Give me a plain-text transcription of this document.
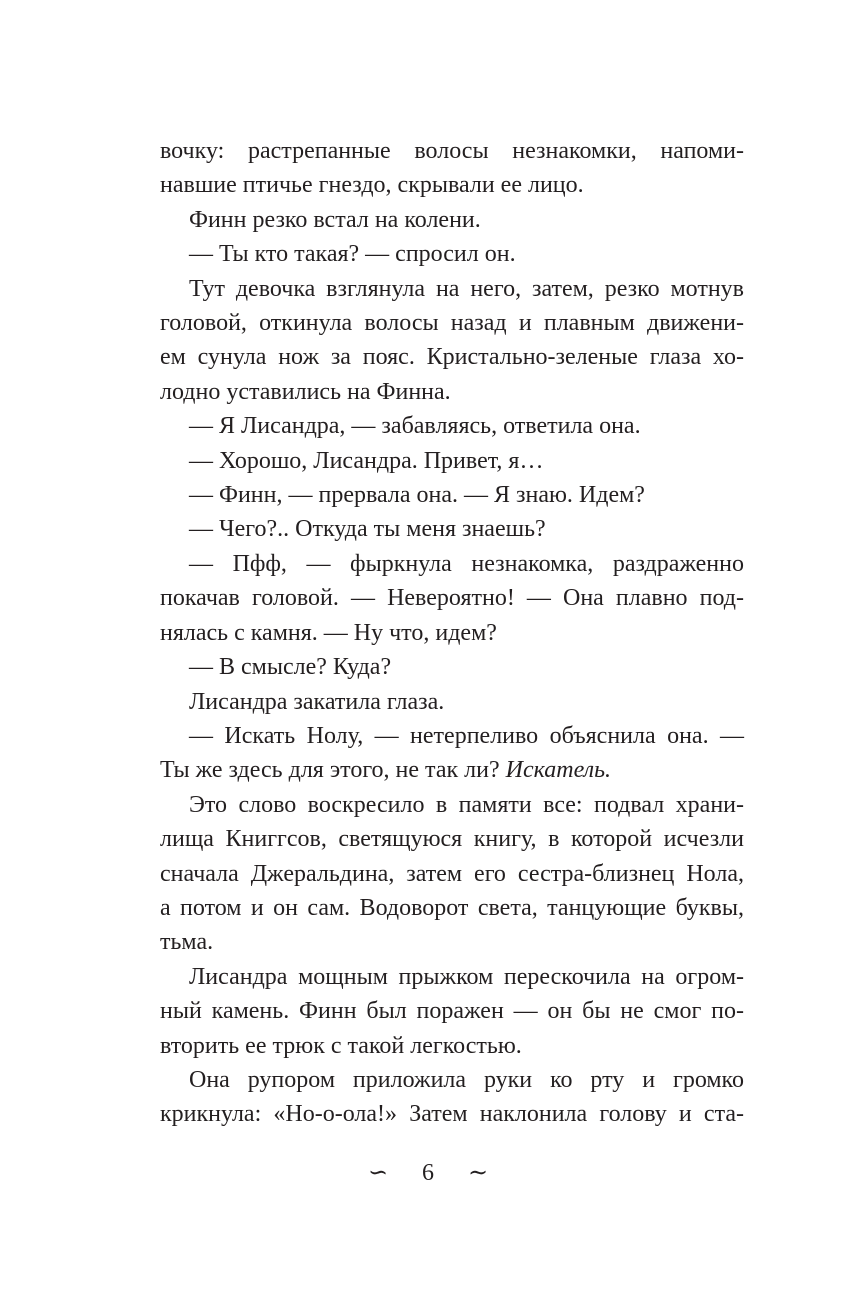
вочку: растрепанные волосы незнакомки, напоми-
навшие птичье гнездо, скрывали ее лицо.
Финн резко встал на колени.
— Ты кто такая? — спросил он.
Тут девочка взглянула на него, затем, резко мотнув
головой, откинула волосы назад и плавным движени-
ем сунула нож за пояс. Кристально-зеленые глаза хо-
лодно уставились на Финна.
— Я Лисандра, — забавляясь, ответила она.
— Хорошо, Лисандра. Привет, я…
— Финн, — прервала она. — Я знаю. Идем?
— Чего?.. Откуда ты меня знаешь?
— Пфф, — фыркнула незнакомка, раздраженно
покачав головой. — Невероятно! — Она плавно под-
нялась с камня. — Ну что, идем?
— В смысле? Куда?
Лисандра закатила глаза.
— Искать Нолу, — нетерпеливо объяснила она. —
Ты же здесь для этого, не так ли? Искатель.
Это слово воскресило в памяти все: подвал храни-
лища Книггсов, светящуюся книгу, в которой исчезли
сначала Джеральдина, затем его сестра-близнец Нола,
а потом и он сам. Водоворот света, танцующие буквы,
тьма.
Лисандра мощным прыжком перескочила на огром-
ный камень. Финн был поражен — он бы не смог по-
вторить ее трюк с такой легкостью.
Она рупором приложила руки ко рту и громко
крикнула: «Но-о-ола!» Затем наклонила голову и ста-
∽ 6 ∼
